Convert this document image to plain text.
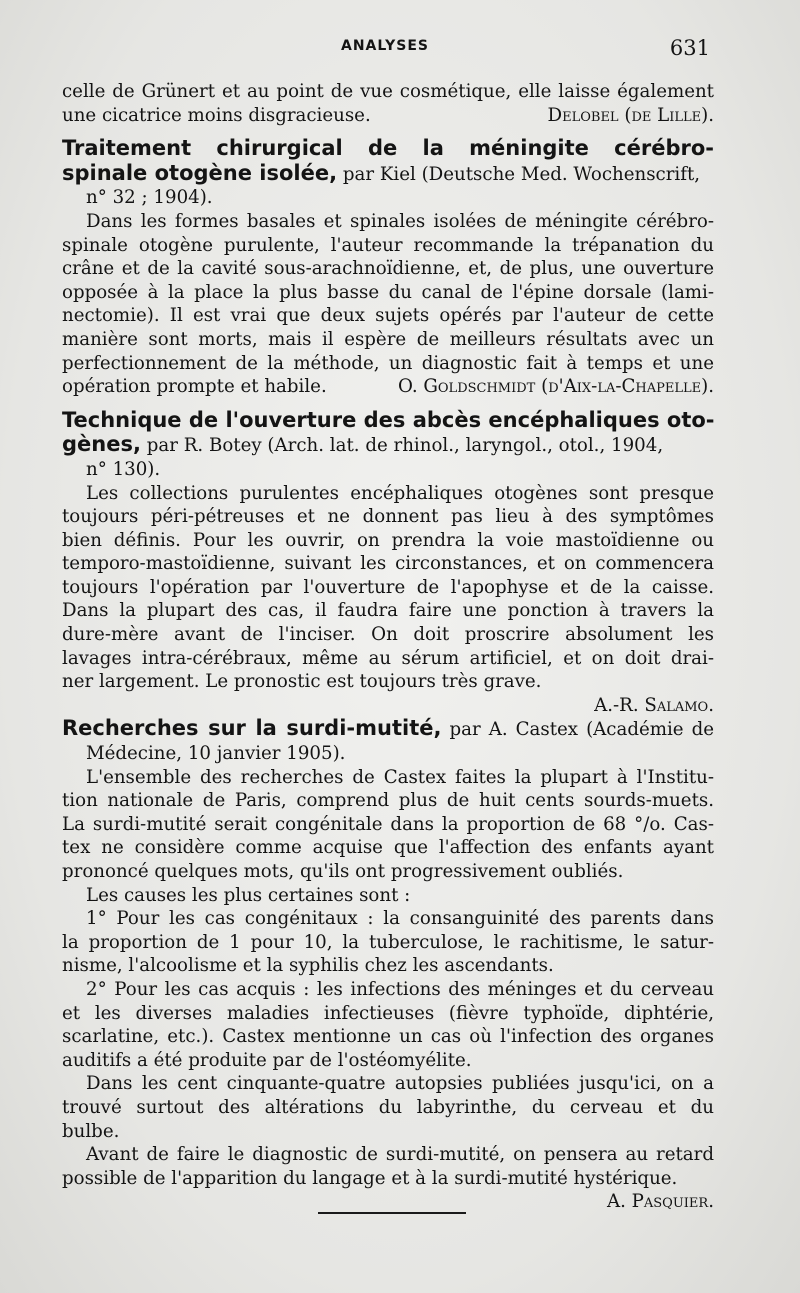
ANALYSES	631
celle de Grünert et au point de vue cosmétique, elle laisse également
une cicatrice moins disgracieuse.	Delobel (de Lille).
Traitement chirurgical de la méningite cérébro-
spinale otogène isolée, par Kiel (Deutsche Med. Wochenscrift,
n° 32 ; 1904).
Dans les formes basales et spinales isolées de méningite cérébro-
spinale otogène purulente, l'auteur recommande la trépanation du
crâne et de la cavité sous-arachnoïdienne, et, de plus, une ouverture
opposée à la place la plus basse du canal de l'épine dorsale (lami-
nectomie). Il est vrai que deux sujets opérés par l'auteur de cette
manière sont morts, mais il espère de meilleurs résultats avec un
perfectionnement de la méthode, un diagnostic fait à temps et une
opération prompte et habile.	O. Goldschmidt (d'Aix-la-Chapelle).
Technique de l'ouverture des abcès encéphaliques oto-
gènes, par R. Botey (Arch. lat. de rhinol., laryngol., otol., 1904,
n° 130).
Les collections purulentes encéphaliques otogènes sont presque
toujours péri-pétreuses et ne donnent pas lieu à des symptômes
bien définis. Pour les ouvrir, on prendra la voie mastoïdienne ou
temporo-mastoïdienne, suivant les circonstances, et on commencera
toujours l'opération par l'ouverture de l'apophyse et de la caisse.
Dans la plupart des cas, il faudra faire une ponction à travers la
dure-mère avant de l'inciser. On doit proscrire absolument les
lavages intra-cérébraux, même au sérum artificiel, et on doit drai-
ner largement. Le pronostic est toujours très grave.
A.-R. Salamo.
Recherches sur la surdi-mutité, par A. Castex (Académie de
Médecine, 10 janvier 1905).
L'ensemble des recherches de Castex faites la plupart à l'Institu-
tion nationale de Paris, comprend plus de huit cents sourds-muets.
La surdi-mutité serait congénitale dans la proportion de 68 °/o. Cas-
tex ne considère comme acquise que l'affection des enfants ayant
prononcé quelques mots, qu'ils ont progressivement oubliés.
Les causes les plus certaines sont :
1° Pour les cas congénitaux : la consanguinité des parents dans
la proportion de 1 pour 10, la tuberculose, le rachitisme, le satur-
nisme, l'alcoolisme et la syphilis chez les ascendants.
2° Pour les cas acquis : les infections des méninges et du cerveau
et les diverses maladies infectieuses (fièvre typhoïde, diphtérie,
scarlatine, etc.). Castex mentionne un cas où l'infection des organes
auditifs a été produite par de l'ostéomyélite.
Dans les cent cinquante-quatre autopsies publiées jusqu'ici, on a
trouvé surtout des altérations du labyrinthe, du cerveau et du
bulbe.
Avant de faire le diagnostic de surdi-mutité, on pensera au retard
possible de l'apparition du langage et à la surdi-mutité hystérique.
A. Pasquier.
